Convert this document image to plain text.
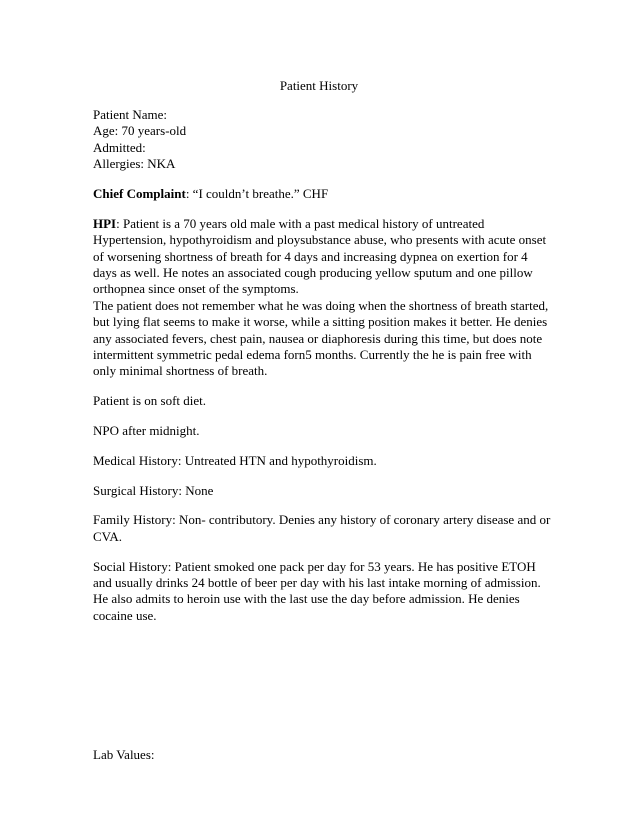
Patient History

Patient Name:

Age: 70 years-old

Admitted:

Allergies: NKA

Chief Complaint: “I couldn’t breathe.” CHF

HPI: Patient is a 70 years old male with a past medical history of untreated Hypertension, hypothyroidism and ploysubstance abuse, who presents with acute onset of worsening shortness of breath for 4 days and increasing dypnea on exertion for 4 days as well. He notes an associated cough producing yellow sputum and one pillow orthopnea since onset of the symptoms.

The patient does not remember what he was doing when the shortness of breath started, but lying flat seems to make it worse, while a sitting position makes it better. He denies any associated fevers, chest pain, nausea or diaphoresis during this time, but does note intermittent symmetric pedal edema forn5 months. Currently the he is pain free with only minimal shortness of breath.

Patient is on soft diet.

NPO after midnight.

Medical History: Untreated HTN and hypothyroidism.

Surgical History: None

Family History: Non- contributory. Denies any history of coronary artery disease and or CVA.

Social History: Patient smoked one pack per day for 53 years. He has positive ETOH and usually drinks 24 bottle of beer per day with his last intake morning of admission. He also admits to heroin use with the last use the day before admission. He denies cocaine use.

Lab Values:
